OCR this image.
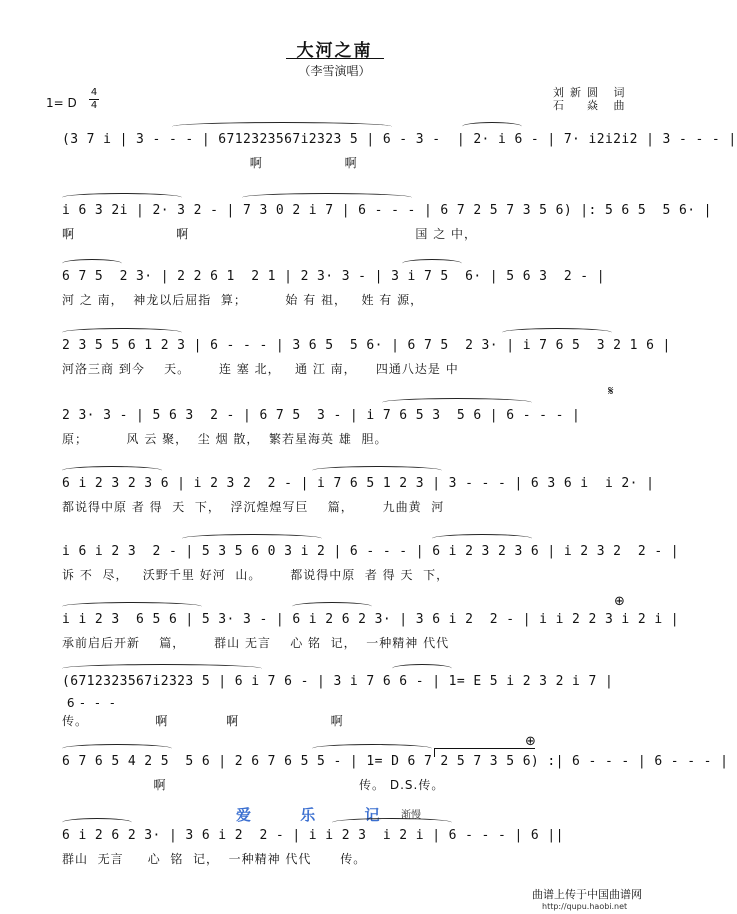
大河之南
（李雪演唱）
刘新圆 词
石　焱 曲
1= D
4
4
(3 7 i | 3 - - - | 6712323567i2323 5 | 6 - 3 -  | 2· i 6 - | 7· i2i2i2 | 3 - - - |
啊                 啊
i 6 3 2i | 2· 3 2 - | 7 3 0 2 i 7 | 6 - - - | 6 7 2 5 7 3 5 6) |: 5 6 5  5 6· |
啊                     啊                                               国 之 中，
6 7 5  2 3· | 2 2 6 1  2 1 | 2 3· 3 - | 3 i 7 5  6· | 5 6 3  2 - |
河 之 南，  神龙以后屈指  算；        始 有 祖，   姓 有 源，
2 3 5 5 6 1 2 3 | 6 - - - | 3 6 5  5 6· | 6 7 5  2 3· | i 7 6 5  3 2 1 6 |
河洛三商 到今    天。      连 塞 北，   通 江 南，    四通八达是 中
2 3· 3 - | 5 6 3  2 - | 6 7 5  3 - | i 7 6 5 3  5 6 | 6 - - - |
原；        风 云 聚，  尘 烟 散，  繁若星海英 雄  胆。
𝄋
6 i 2 3 2 3 6 | i 2 3 2  2 - | i 7 6 5 1 2 3 | 3 - - - | 6 3 6 i  i 2· |
都说得中原 者 得  天  下，  浮沉煌煌写巨    篇，      九曲黄  河
i 6 i 2 3  2 - | 5 3 5 6 0 3 i 2 | 6 - - - | 6 i 2 3 2 3 6 | i 2 3 2  2 - |
诉 不  尽，   沃野千里 好河  山。      都说得中原  者 得 天  下，
i i 2 3  6 5 6 | 5 3· 3 - | 6 i 2 6 2 3· | 3 6 i 2  2 - | i i 2 2 3 i 2 i |
承前启后开新    篇，      群山 无言    心 铭  记，  一种精神 代代
⊕
(6712323567i2323 5 | 6 i 7 6 - | 3 i 7 6 6 - | 1= E 5 i 2 3 2 i 7 |
6 -  -  -
传。              啊            啊                   啊
⊕
6 7 6 5 4 2 5  5 6 | 2 6 7 6 5 5 - | 1= D 6 7 2 5 7 3 5 6) :| 6 - - - | 6 - - - |
啊                                        传。 D.S.传。
爱 乐 记 渐慢
6 i 2 6 2 3· | 3 6 i 2  2 - | i i 2 3  i 2 i | 6 - - - | 6 ||
群山  无言     心  铭  记，  一种精神 代代      传。
曲谱上传于中国曲谱网
http://qupu.haobi.net
